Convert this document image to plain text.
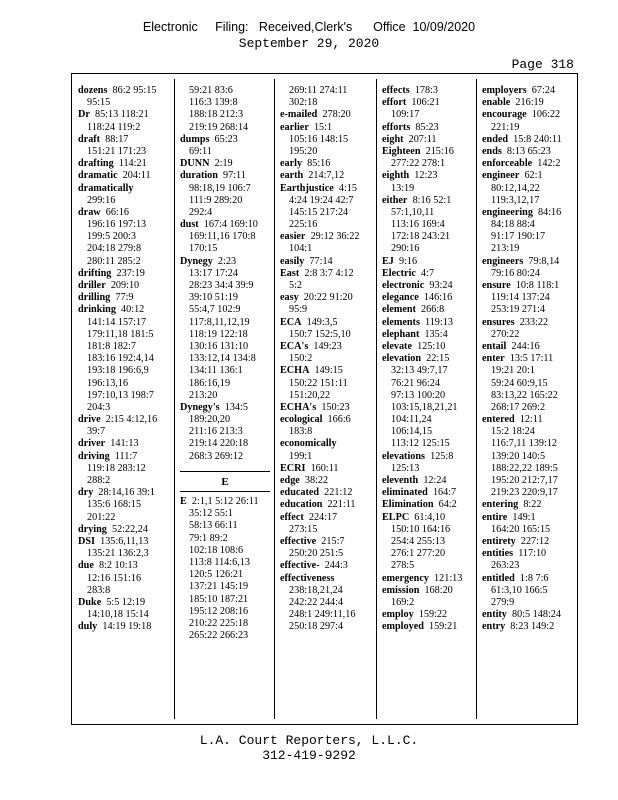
Electronic     Filing:   Received,Clerk's      Office  10/09/2020
September 29, 2020
Page 318
dozens  86:2 95:15
95:15
Dr  85:13 118:21
118:24 119:2
draft  88:17
151:21 171:23
drafting  114:21
dramatic  204:11
dramatically
299:16
draw  66:16
196:16 197:13
199:5 200:3
204:18 279:8
280:11 285:2
drifting  237:19
driller  209:10
drilling  77:9
drinking  40:12
141:14 157:17
179:11,18 181:5
181:8 182:7
183:16 192:4,14
193:18 196:6,9
196:13,16
197:10,13 198:7
204:3
drive  2:15 4:12,16
39:7
driver  141:13
driving  111:7
119:18 283:12
288:2
dry  28:14,16 39:1
135:6 168:15
201:22
drying  52:22,24
DSI  135:6,11,13
135:21 136:2,3
due  8:2 10:13
12:16 151:16
283:8
Duke  5:5 12:19
14:10,18 15:14
duly  14:19 19:18
59:21 83:6
116:3 139:8
188:18 212:3
219:19 268:14
dumps  65:23
69:11
DUNN  2:19
duration  97:11
98:18,19 106:7
111:9 289:20
292:4
dust  167:4 169:10
169:11,16 170:8
170:15
Dynegy  2:23
13:17 17:24
28:23 34:4 39:9
39:10 51:19
55:4,7 102:9
117:8,11,12,19
118:19 122:18
130:16 131:10
133:12,14 134:8
134:11 136:1
186:16,19
213:20
Dynegy's  134:5
189:20,20
211:16 213:3
219:14 220:18
268:3 269:12
E
E  2:1,1 5:12 26:11
35:12 55:1
58:13 66:11
79:1 89:2
102:18 108:6
113:8 114:6,13
120:5 126:21
137:21 145:19
185:10 187:21
195:12 208:16
210:22 225:18
265:22 266:23
269:11 274:11
302:18
e-mailed  278:20
earlier  15:1
105:16 148:15
195:20
early  85:16
earth  214:7,12
Earthjustice  4:15
4:24 19:24 42:7
145:15 217:24
225:16
easier  29:12 36:22
104:1
easily  77:14
East  2:8 3:7 4:12
5:2
easy  20:22 91:20
95:9
ECA  149:3,5
150:7 152:5,10
ECA's  149:23
150:2
ECHA  149:15
150:22 151:11
151:20,22
ECHA's  150:23
ecological  166:6
183:8
economically
199:1
ECRI  160:11
edge  38:22
educated  221:12
education  221:11
effect  224:17
273:15
effective  215:7
250:20 251:5
effective-  244:3
effectiveness
238:18,21,24
242:22 244:4
248:1 249:11,16
250:18 297:4
effects  178:3
effort  106:21
109:17
efforts  85:23
eight  207:11
Eighteen  215:16
277:22 278:1
eighth  12:23
13:19
either  8:16 52:1
57:1,10,11
113:16 169:4
172:18 243:21
290:16
EJ  9:16
Electric  4:7
electronic  93:24
elegance  146:16
element  266:8
elements  119:13
elephant  135:4
elevate  125:10
elevation  22:15
32:13 49:7,17
76:21 96:24
97:13 100:20
103:15,18,21,21
104:11,24
106:14,15
113:12 125:15
elevations  125:8
125:13
eleventh  12:24
eliminated  164:7
Elimination  64:2
ELPC  61:4,10
150:10 164:16
254:4 255:13
276:1 277:20
278:5
emergency  121:13
emission  168:20
169:2
employ  159:22
employed  159:21
employers  67:24
enable  216:19
encourage  106:22
221:19
ended  15:8 240:11
ends  8:13 65:23
enforceable  142:2
engineer  62:1
80:12,14,22
119:3,12,17
engineering  84:16
84:18 88:4
91:17 190:17
213:19
engineers  79:8,14
79:16 80:24
ensure  10:8 118:1
119:14 137:24
253:19 271:4
ensures  233:22
270:22
entail  244:16
enter  13:5 17:11
19:21 20:1
59:24 60:9,15
83:13,22 165:22
268:17 269:2
entered  12:11
15:2 18:24
116:7,11 139:12
139:20 140:5
188:22,22 189:5
195:20 212:7,17
219:23 220:9,17
entering  8:22
entire  149:1
164:20 165:15
entirety  227:12
entities  117:10
263:23
entitled  1:8 7:6
61:3,10 166:5
279:9
entity  80:5 148:24
entry  8:23 149:2
L.A. Court Reporters, L.L.C.
312-419-9292
